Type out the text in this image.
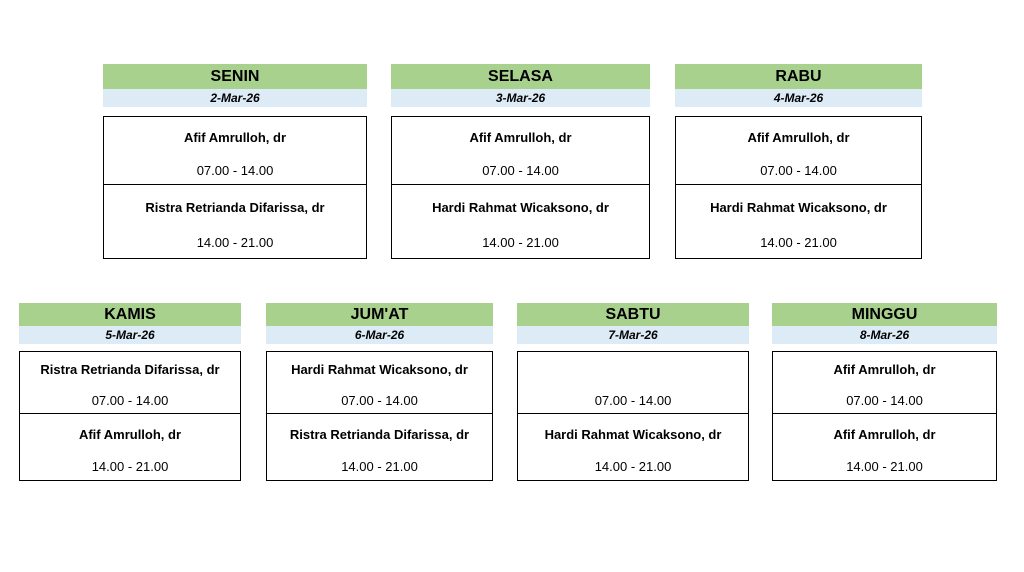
SENIN
2-Mar-26
Afif Amrulloh, dr
07.00 - 14.00
Ristra Retrianda Difarissa, dr
14.00 - 21.00
SELASA
3-Mar-26
Afif Amrulloh, dr
07.00 - 14.00
Hardi Rahmat Wicaksono, dr
14.00 - 21.00
RABU
4-Mar-26
Afif Amrulloh, dr
07.00 - 14.00
Hardi Rahmat Wicaksono, dr
14.00 - 21.00
KAMIS
5-Mar-26
Ristra Retrianda Difarissa, dr
07.00 - 14.00
Afif Amrulloh, dr
14.00 - 21.00
JUM'AT
6-Mar-26
Hardi Rahmat Wicaksono, dr
07.00 - 14.00
Ristra Retrianda Difarissa, dr
14.00 - 21.00
SABTU
7-Mar-26
07.00 - 14.00
Hardi Rahmat Wicaksono, dr
14.00 - 21.00
MINGGU
8-Mar-26
Afif Amrulloh, dr
07.00 - 14.00
Afif Amrulloh, dr
14.00 - 21.00
